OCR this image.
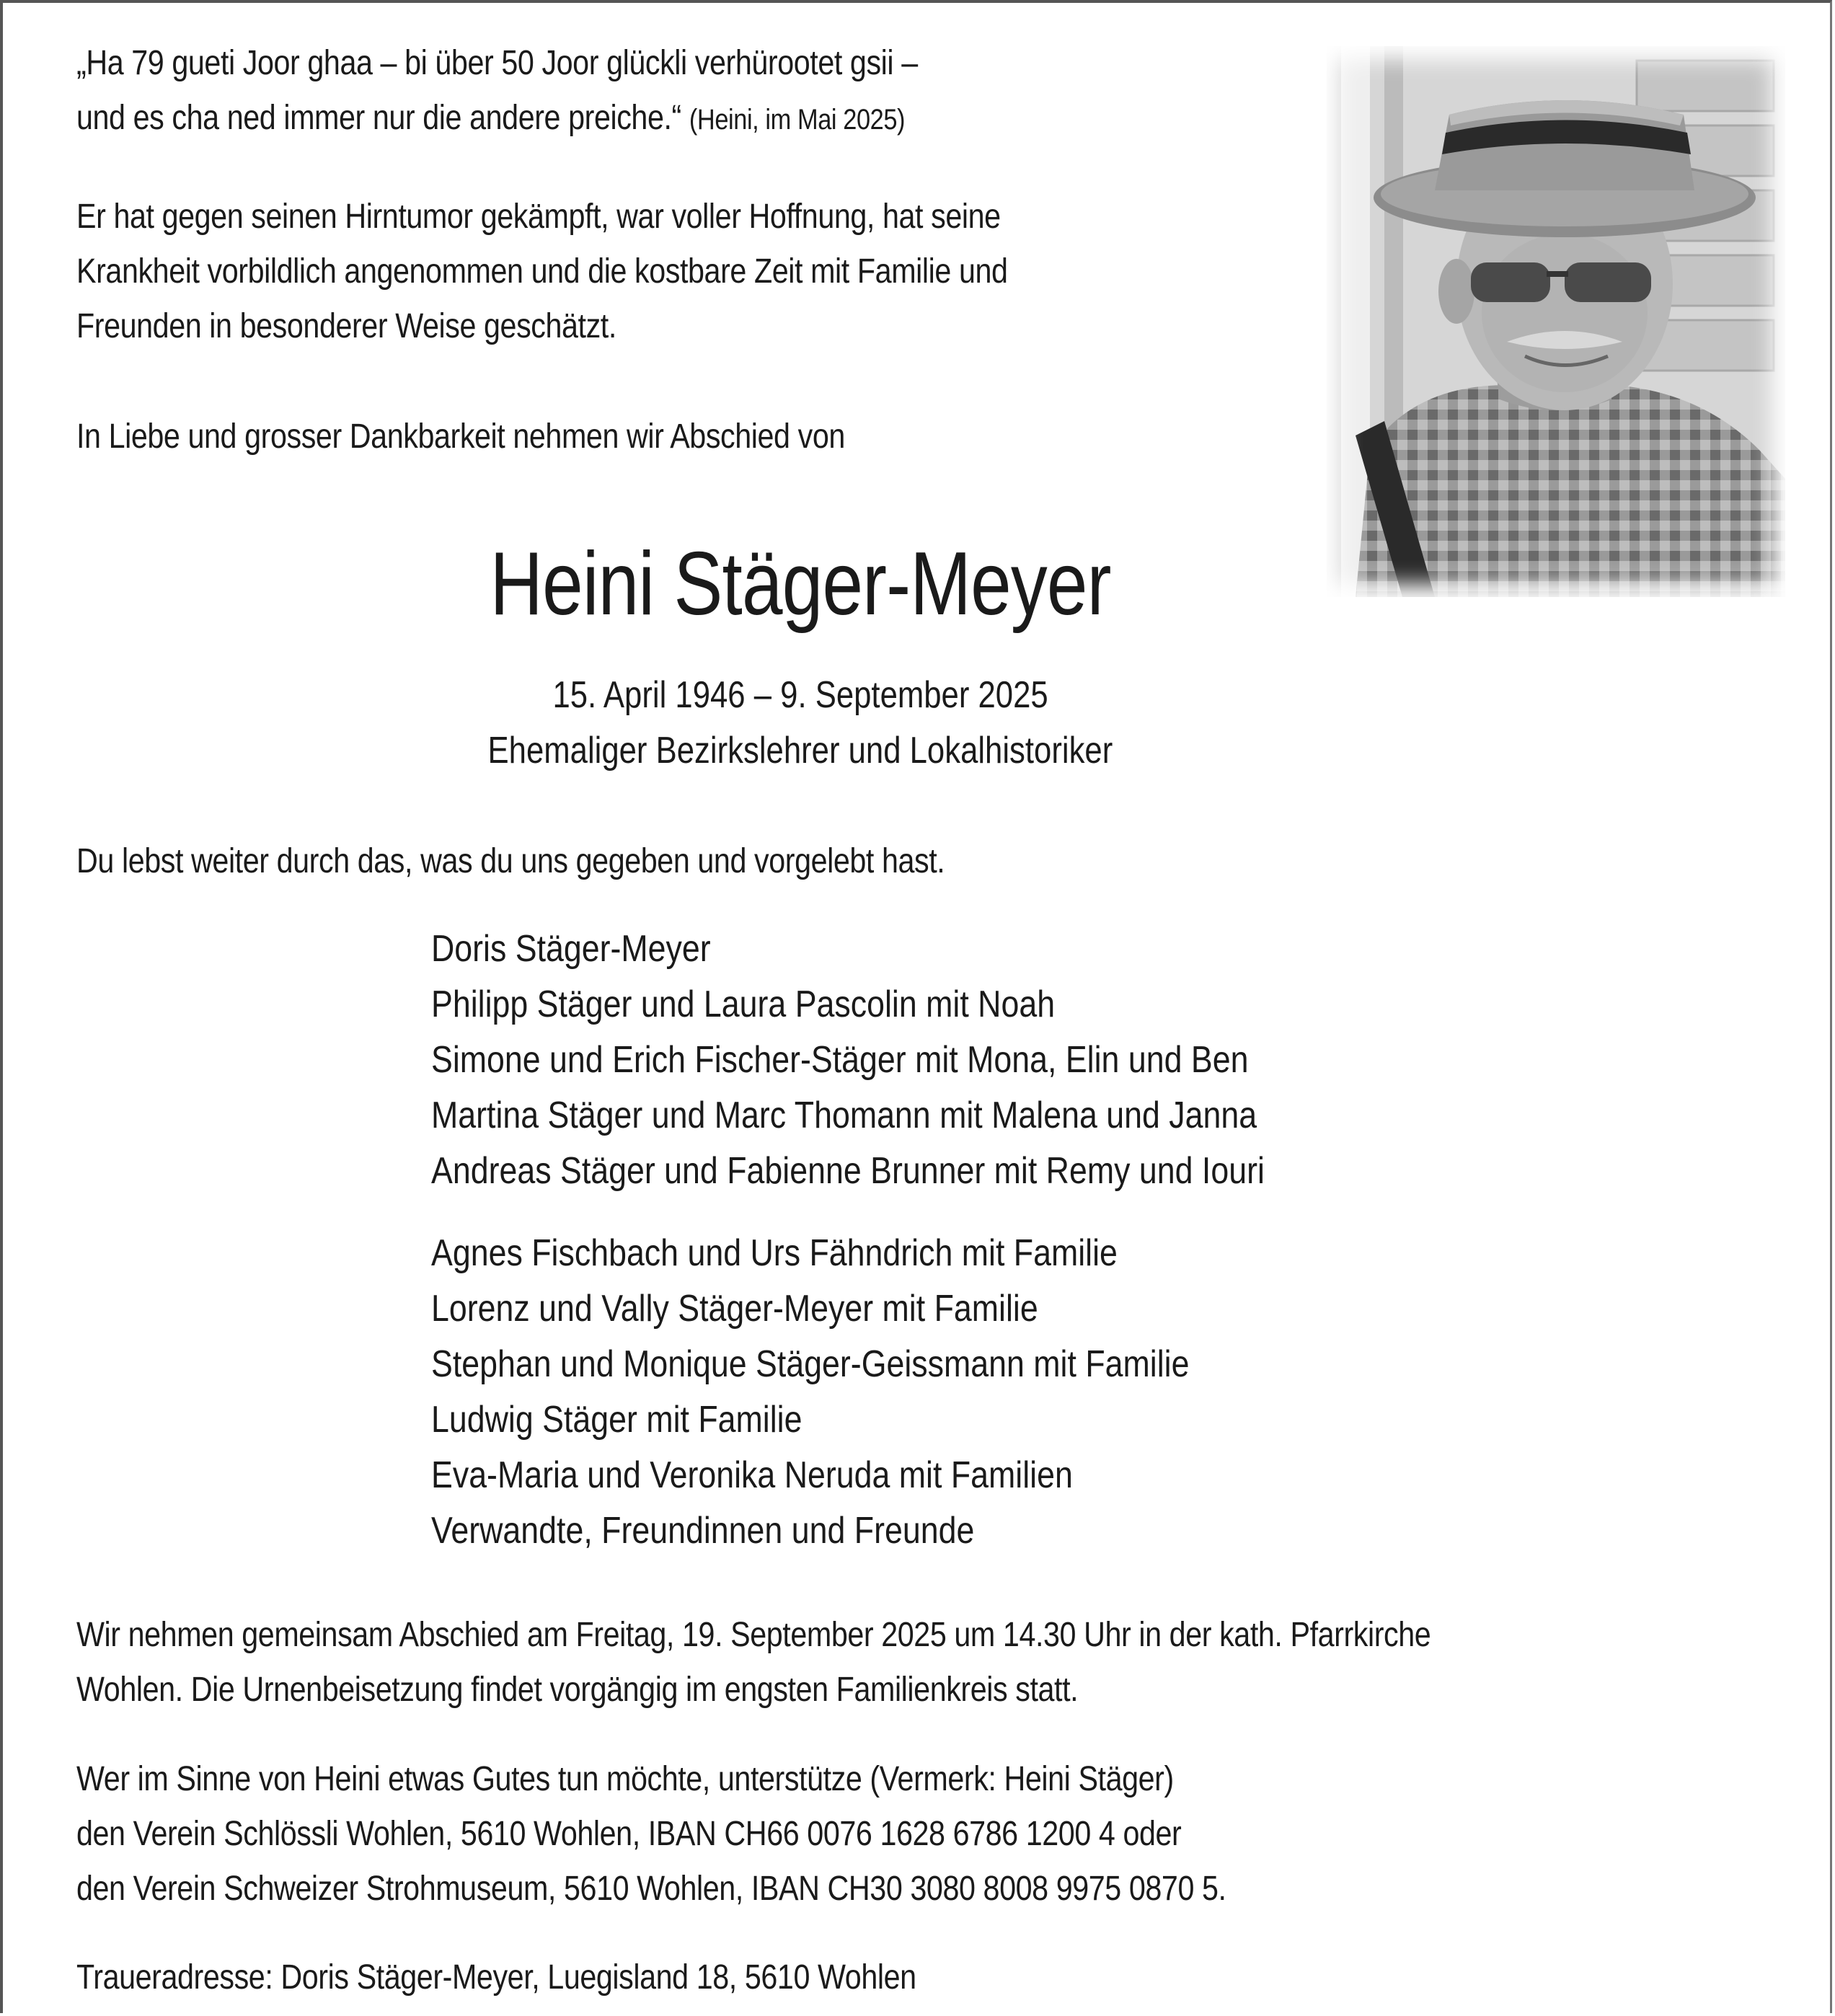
„Ha 79 gueti Joor ghaa – bi über 50 Joor glückli verhürootet gsii –

und es cha ned immer nur die andere preiche.“ (Heini, im Mai 2025)

Er hat gegen seinen Hirntumor gekämpft, war voller Hoffnung, hat seine

Krankheit vorbildlich angenommen und die kostbare Zeit mit Familie und

Freunden in besonderer Weise geschätzt.

In Liebe und grosser Dankbarkeit nehmen wir Abschied von

Heini Stäger-Meyer
15. April 1946 – 9. September 2025
Ehemaliger Bezirkslehrer und Lokalhistoriker

Du lebst weiter durch das, was du uns gegeben und vorgelebt hast.

Doris Stäger-Meyer

Philipp Stäger und Laura Pascolin mit Noah

Simone und Erich Fischer-Stäger mit Mona, Elin und Ben

Martina Stäger und Marc Thomann mit Malena und Janna

Andreas Stäger und Fabienne Brunner mit Remy und Iouri

Agnes Fischbach und Urs Fähndrich mit Familie

Lorenz und Vally Stäger-Meyer mit Familie

Stephan und Monique Stäger-Geissmann mit Familie

Ludwig Stäger mit Familie

Eva-Maria und Veronika Neruda mit Familien

Verwandte, Freundinnen und Freunde

Wir nehmen gemeinsam Abschied am Freitag, 19. September 2025 um 14.30 Uhr in der kath. Pfarrkirche

Wohlen. Die Urnenbeisetzung findet vorgängig im engsten Familienkreis statt.

Wer im Sinne von Heini etwas Gutes tun möchte, unterstütze (Vermerk: Heini Stäger)

den Verein Schlössli Wohlen, 5610 Wohlen, IBAN CH66 0076 1628 6786 1200 4 oder

den Verein Schweizer Strohmuseum, 5610 Wohlen, IBAN CH30 3080 8008 9975 0870 5.

Traueradresse: Doris Stäger-Meyer, Luegisland 18, 5610 Wohlen
